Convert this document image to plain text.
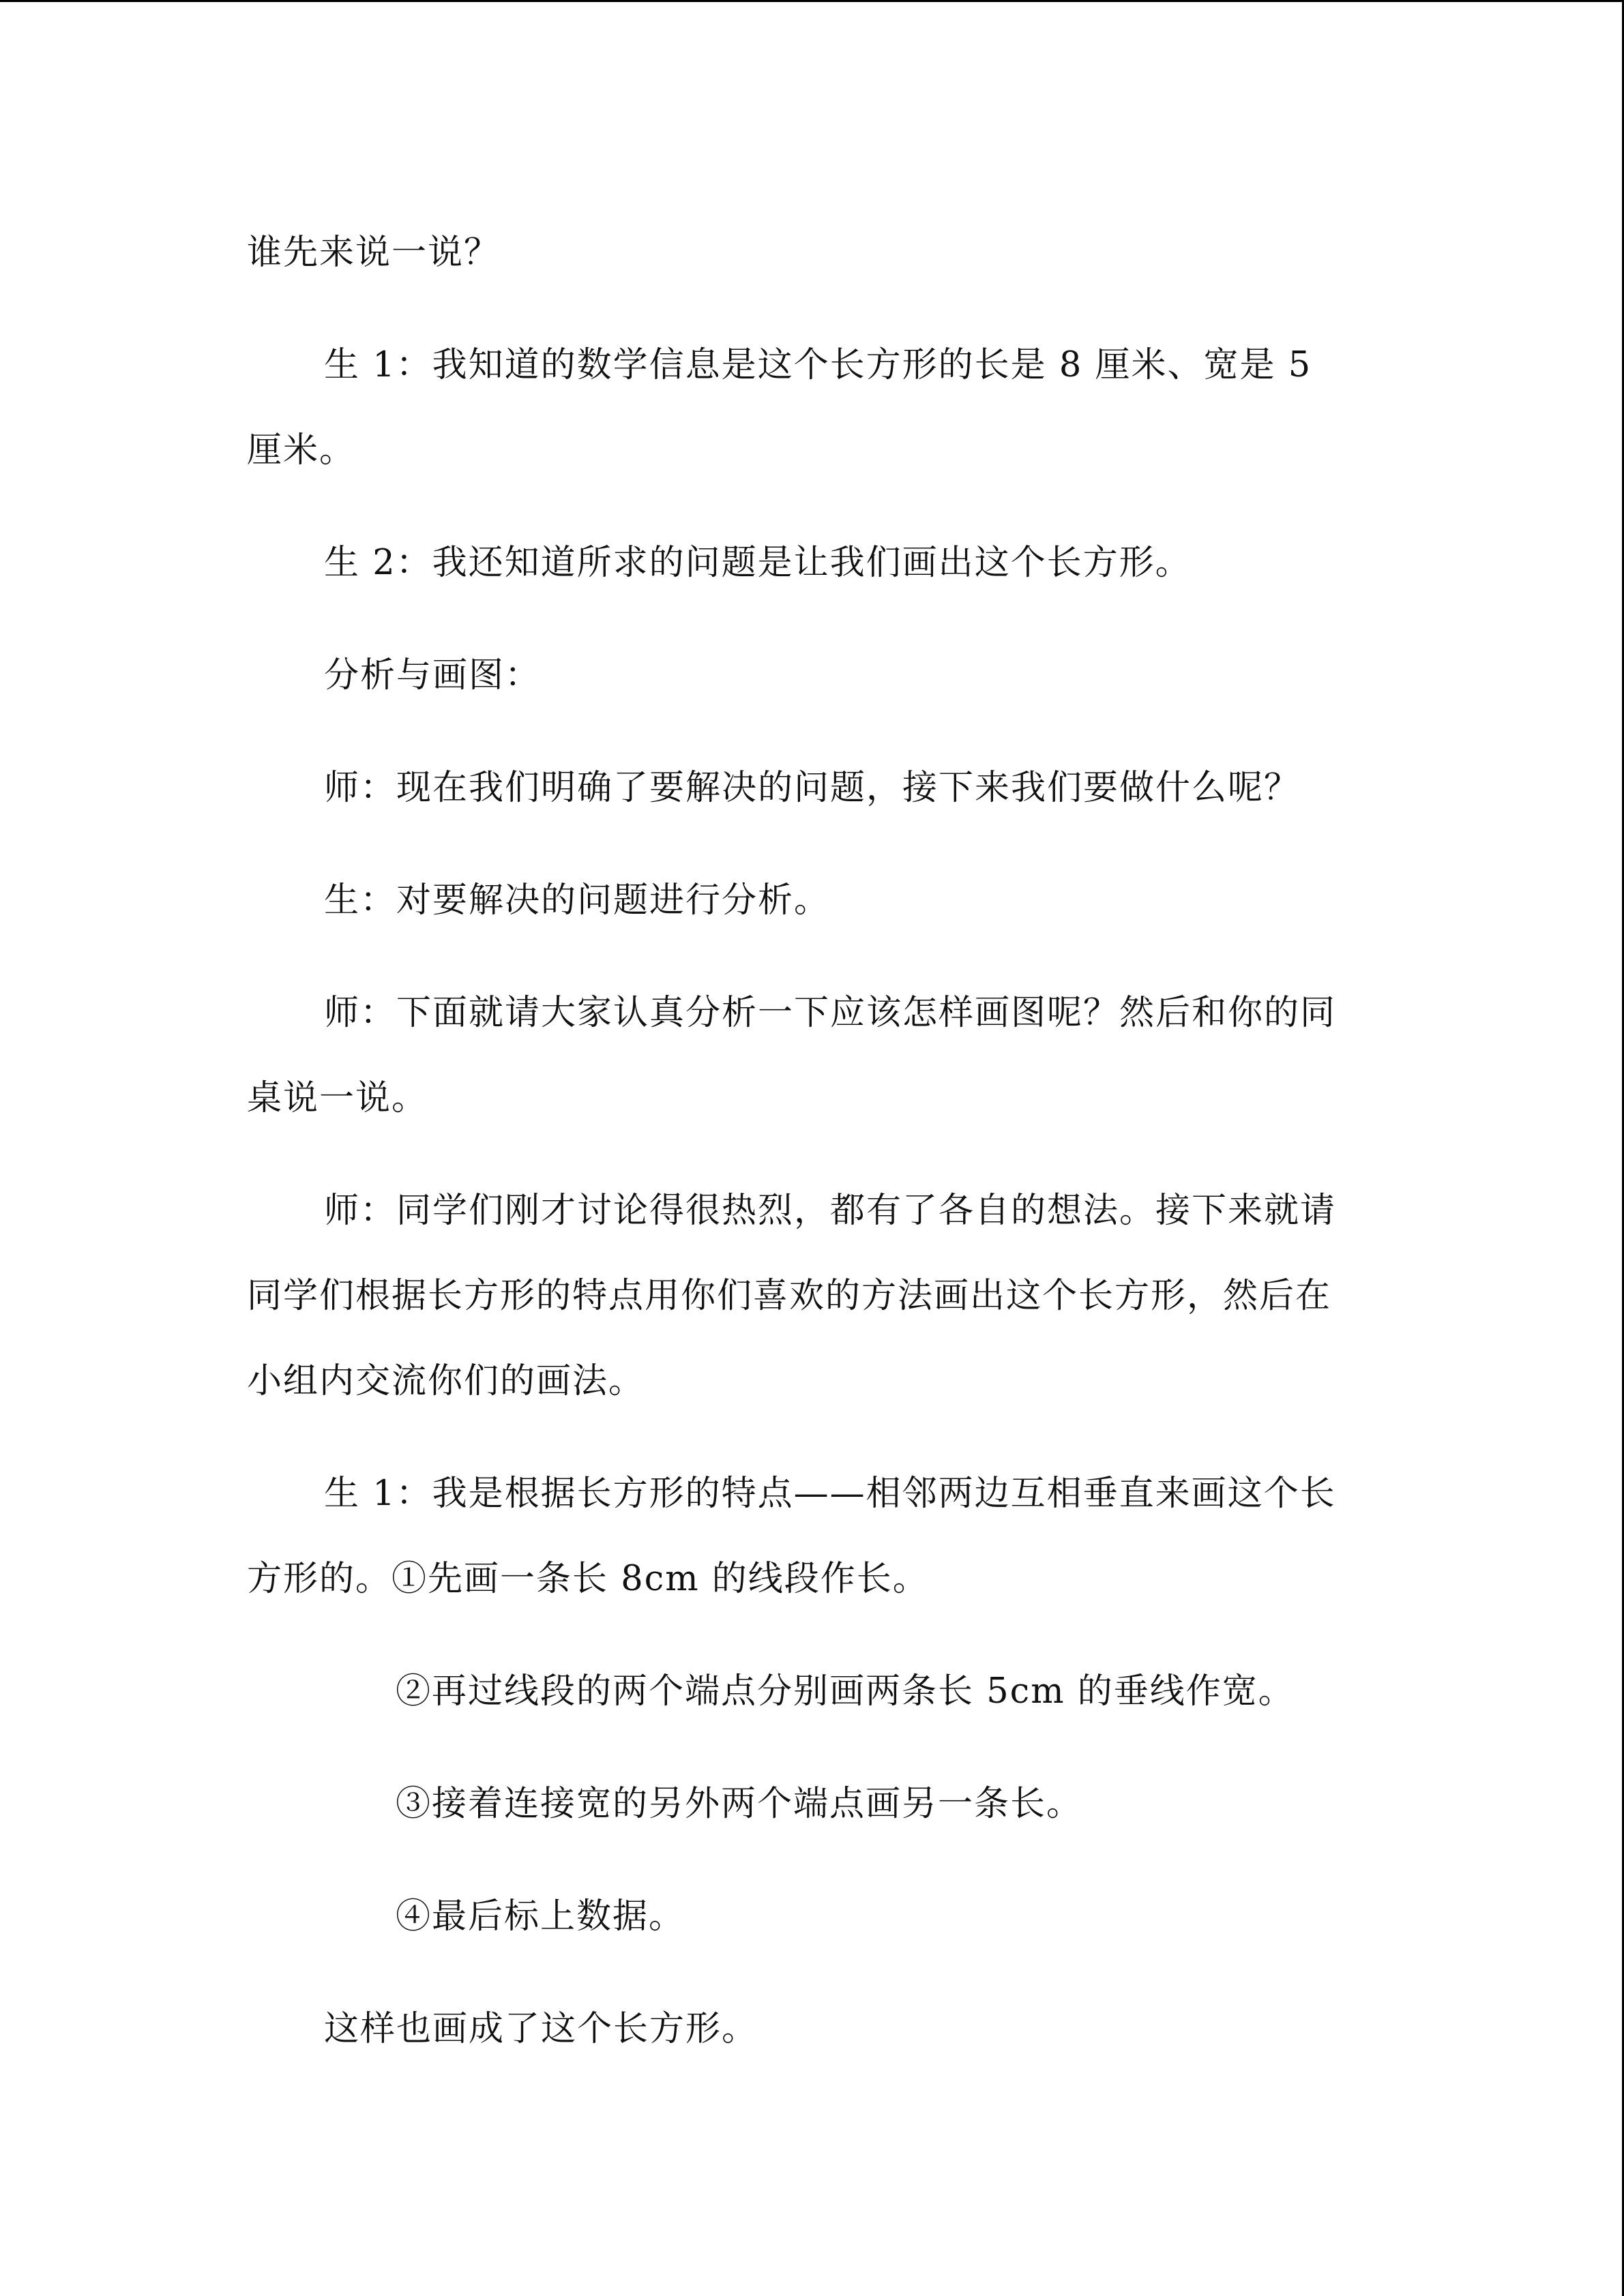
谁先来说一说？

生 1：我知道的数学信息是这个长方形的长是 8 厘米、宽是 5 厘米。

生 2：我还知道所求的问题是让我们画出这个长方形。

分析与画图：

师：现在我们明确了要解决的问题，接下来我们要做什么呢？

生：对要解决的问题进行分析。

师：下面就请大家认真分析一下应该怎样画图呢？然后和你的同桌说一说。

师：同学们刚才讨论得很热烈，都有了各自的想法。接下来就请同学们根据长方形的特点用你们喜欢的方法画出这个长方形，然后在小组内交流你们的画法。

生 1：我是根据长方形的特点——相邻两边互相垂直来画这个长方形的。①先画一条长 8cm 的线段作长。

②再过线段的两个端点分别画两条长 5cm 的垂线作宽。

③接着连接宽的另外两个端点画另一条长。

④最后标上数据。

这样也画成了这个长方形。
